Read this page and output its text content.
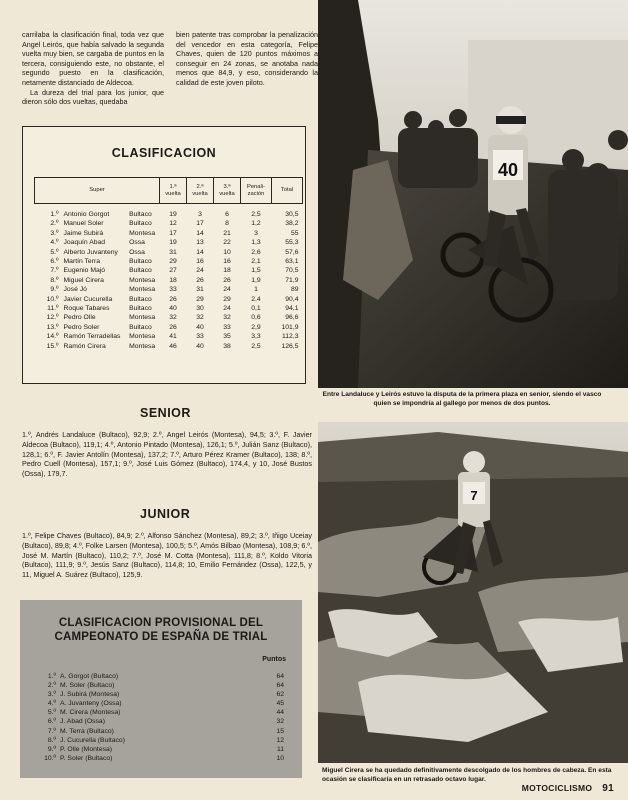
carrilaba la clasificación final, toda vez que Angel Leirós, que había salvado la segunda vuelta muy bien, se cargaba de puntos en la tercera, consiguiendo este, no obstante, el segundo puesto en la clasificación, netamente distanciado de Aldecoa.

La dureza del trial para los junior, que dieron sólo dos vueltas, quedaba

bien patente tras comprobar la penalización del vencedor en esta categoría, Felipe Chaves, quien de 120 puntos máximos a conseguir en 24 zonas, se anotaba nada menos que 84,9, y eso, considerando la calidad de este joven piloto.

CLASIFICACION
Super			1.ª vuelta	2.ª vuelta	3.ª vuelta	Penali-zación	Total
1.º	Antonio Gorgot	Bultaco	19	3	6	2,5	30,5
2.º	Manuel Soler	Bultaco	12	17	8	1,2	38,2
3.º	Jaime Subirá	Montesa	17	14	21	3	55
4.º	Joaquín Abad	Ossa	19	13	22	1,3	55,3
5.º	Alberto Juvanteny	Ossa	31	14	10	2,6	57,6
6.º	Martín Terra	Bultaco	29	16	16	2,1	63,1
7.º	Eugenio Majó	Bultaco	27	24	18	1,5	70,5
8.º	Miguel Cirera	Montesa	18	26	26	1,9	71,9
9.º	José Jó	Montesa	33	31	24	1	89
10.º	Javier Cucurella	Bultaco	26	29	29	2,4	90,4
11.º	Roque Tabares	Bultaco	40	30	24	0,1	94,1
12.º	Pedro Olle	Montesa	32	32	32	0,6	96,6
13.º	Pedro Soler	Bultaco	26	40	33	2,9	101,9
14.º	Ramón Terradellas	Montesa	41	33	35	3,3	112,3
15.º	Ramón Cirera	Montesa	46	40	38	2,5	126,5
SENIOR
1.º, Andrés Landaluce (Bultaco), 92,9; 2.º, Angel Leirós (Montesa), 94,5; 3.º, F. Javier Aldecoa (Bultaco), 119,1; 4.º, Antonio Pintado (Montesa), 126,1; 5.º, Julián Sanz (Bultaco), 128,1; 6.º, F. Javier Antolín (Montesa), 137,2; 7.º, Arturo Pérez Kramer (Bultaco), 138; 8.º, Pedro Cuell (Montesa), 157,1; 9.º, José Luis Gómez (Bultaco), 174,4, y 10, José Bustos (Ossa), 179,7.
JUNIOR
1.º, Felipe Chaves (Bultaco), 84,9; 2.º, Alfonso Sánchez (Montesa), 89,2; 3.º, Iñigo Uceiay (Bultaco), 89,8; 4.º, Folke Larsen (Montesa), 100,5; 5.º, Amós Bilbao (Montesa), 108,9; 6.º, José M. Martín (Bultaco), 110,2; 7.º, José M. Cotta (Montesa), 111,8; 8.º, Koldo Vitoria (Bultaco), 111,9; 9.º, Jesús Sanz (Bultaco), 114,8; 10, Emilio Fernández (Ossa), 122,5, y 11, Miguel A. Suárez (Bultaco), 125,9.
CLASIFICACION PROVISIONAL DEL
CAMPEONATO DE ESPAÑA DE TRIAL
Puntos
1.º A. Gorgot (Bultaco)	64
2.º M. Soler (Bultaco)	64
3.º J. Subirá (Montesa)	62
4.º A. Juvanteny (Ossa)	45
5.º M. Cirera (Montesa)	44
6.º J. Abad (Ossa)	32
7.º M. Terra (Bultaco)	15
8.º J. Cucurella (Bultaco)	12
9.º P. Olle (Montesa)	11
10.º P. Soler (Bultaco)	10
40
Entre Landaluce y Leirós estuvo la disputa de la primera plaza en senior, siendo el vasco quien se impondría al gallego por menos de dos puntos.
7
Miguel Cirera se ha quedado definitivamente descolgado de los hombres de cabeza. En esta ocasión se clasificaría en un retrasado octavo lugar.
MOTOCICLISMO 91
